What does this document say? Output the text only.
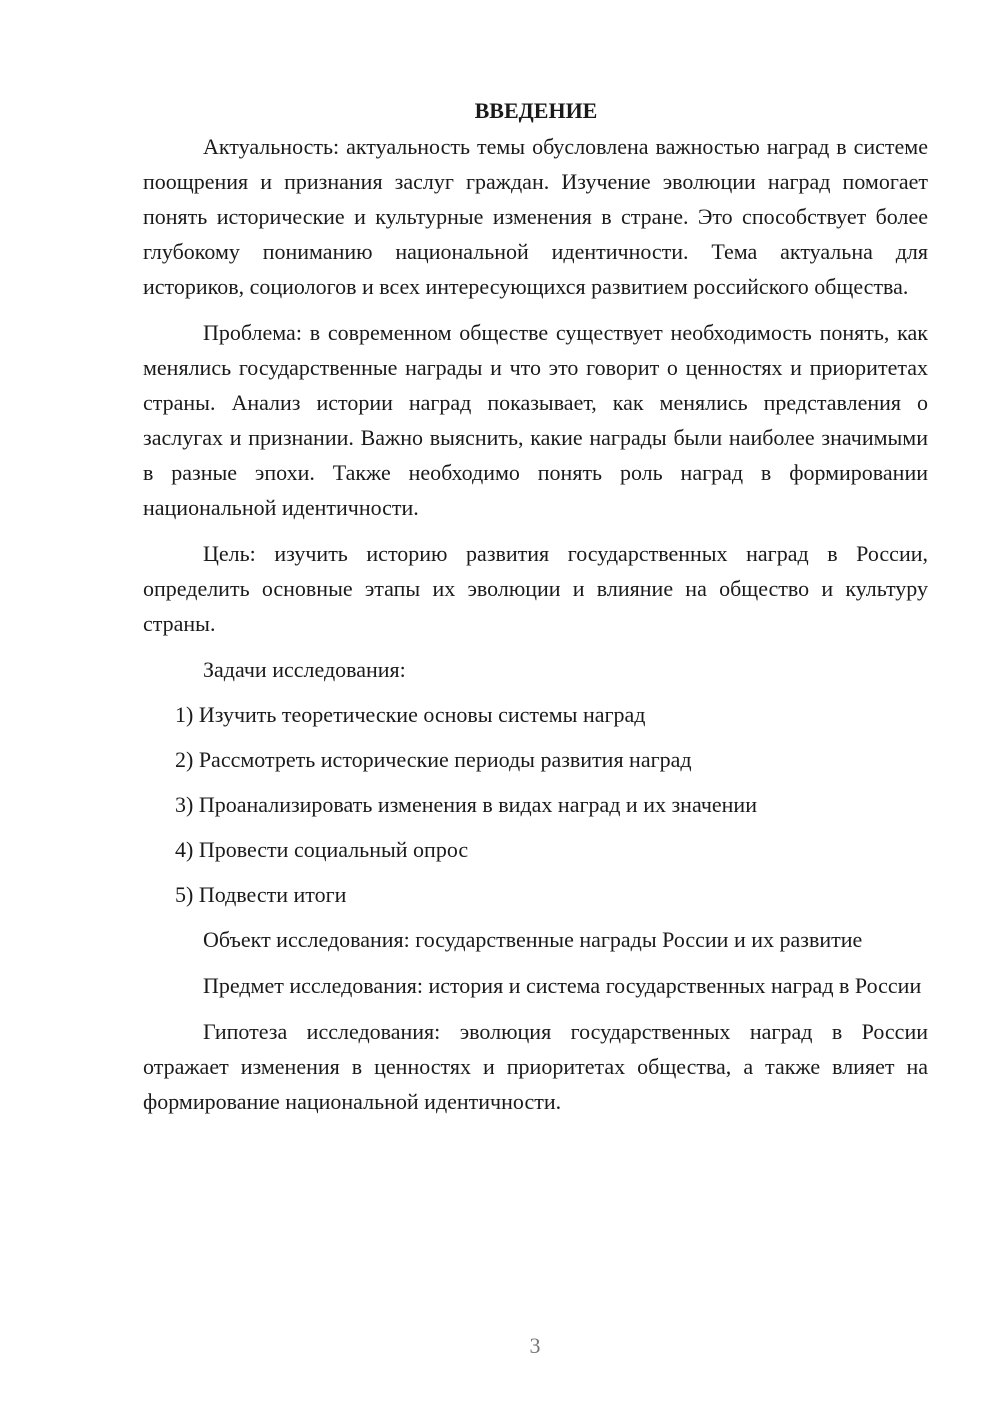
ВВЕДЕНИЕ

Актуальность: актуальность темы обусловлена важностью наград в системе поощрения и признания заслуг граждан. Изучение эволюции наград помогает понять исторические и культурные изменения в стране. Это способствует более глубокому пониманию национальной идентичности. Тема актуальна для историков, социологов и всех интересующихся развитием российского общества.

Проблема: в современном обществе существует необходимость понять, как менялись государственные награды и что это говорит о ценностях и приоритетах страны. Анализ истории наград показывает, как менялись представления о заслугах и признании. Важно выяснить, какие награды были наиболее значимыми в разные эпохи. Также необходимо понять роль наград в формировании национальной идентичности.

Цель: изучить историю развития государственных наград в России, определить основные этапы их эволюции и влияние на общество и культуру страны.

Задачи исследования:

1) Изучить теоретические основы системы наград
2) Рассмотреть исторические периоды развития наград
3) Проанализировать изменения в видах наград и их значении
4) Провести социальный опрос
5) Подвести итоги

Объект исследования: государственные награды России и их развитие

Предмет исследования: история и система государственных наград в России

Гипотеза исследования: эволюция государственных наград в России отражает изменения в ценностях и приоритетах общества, а также влияет на формирование национальной идентичности.

3
